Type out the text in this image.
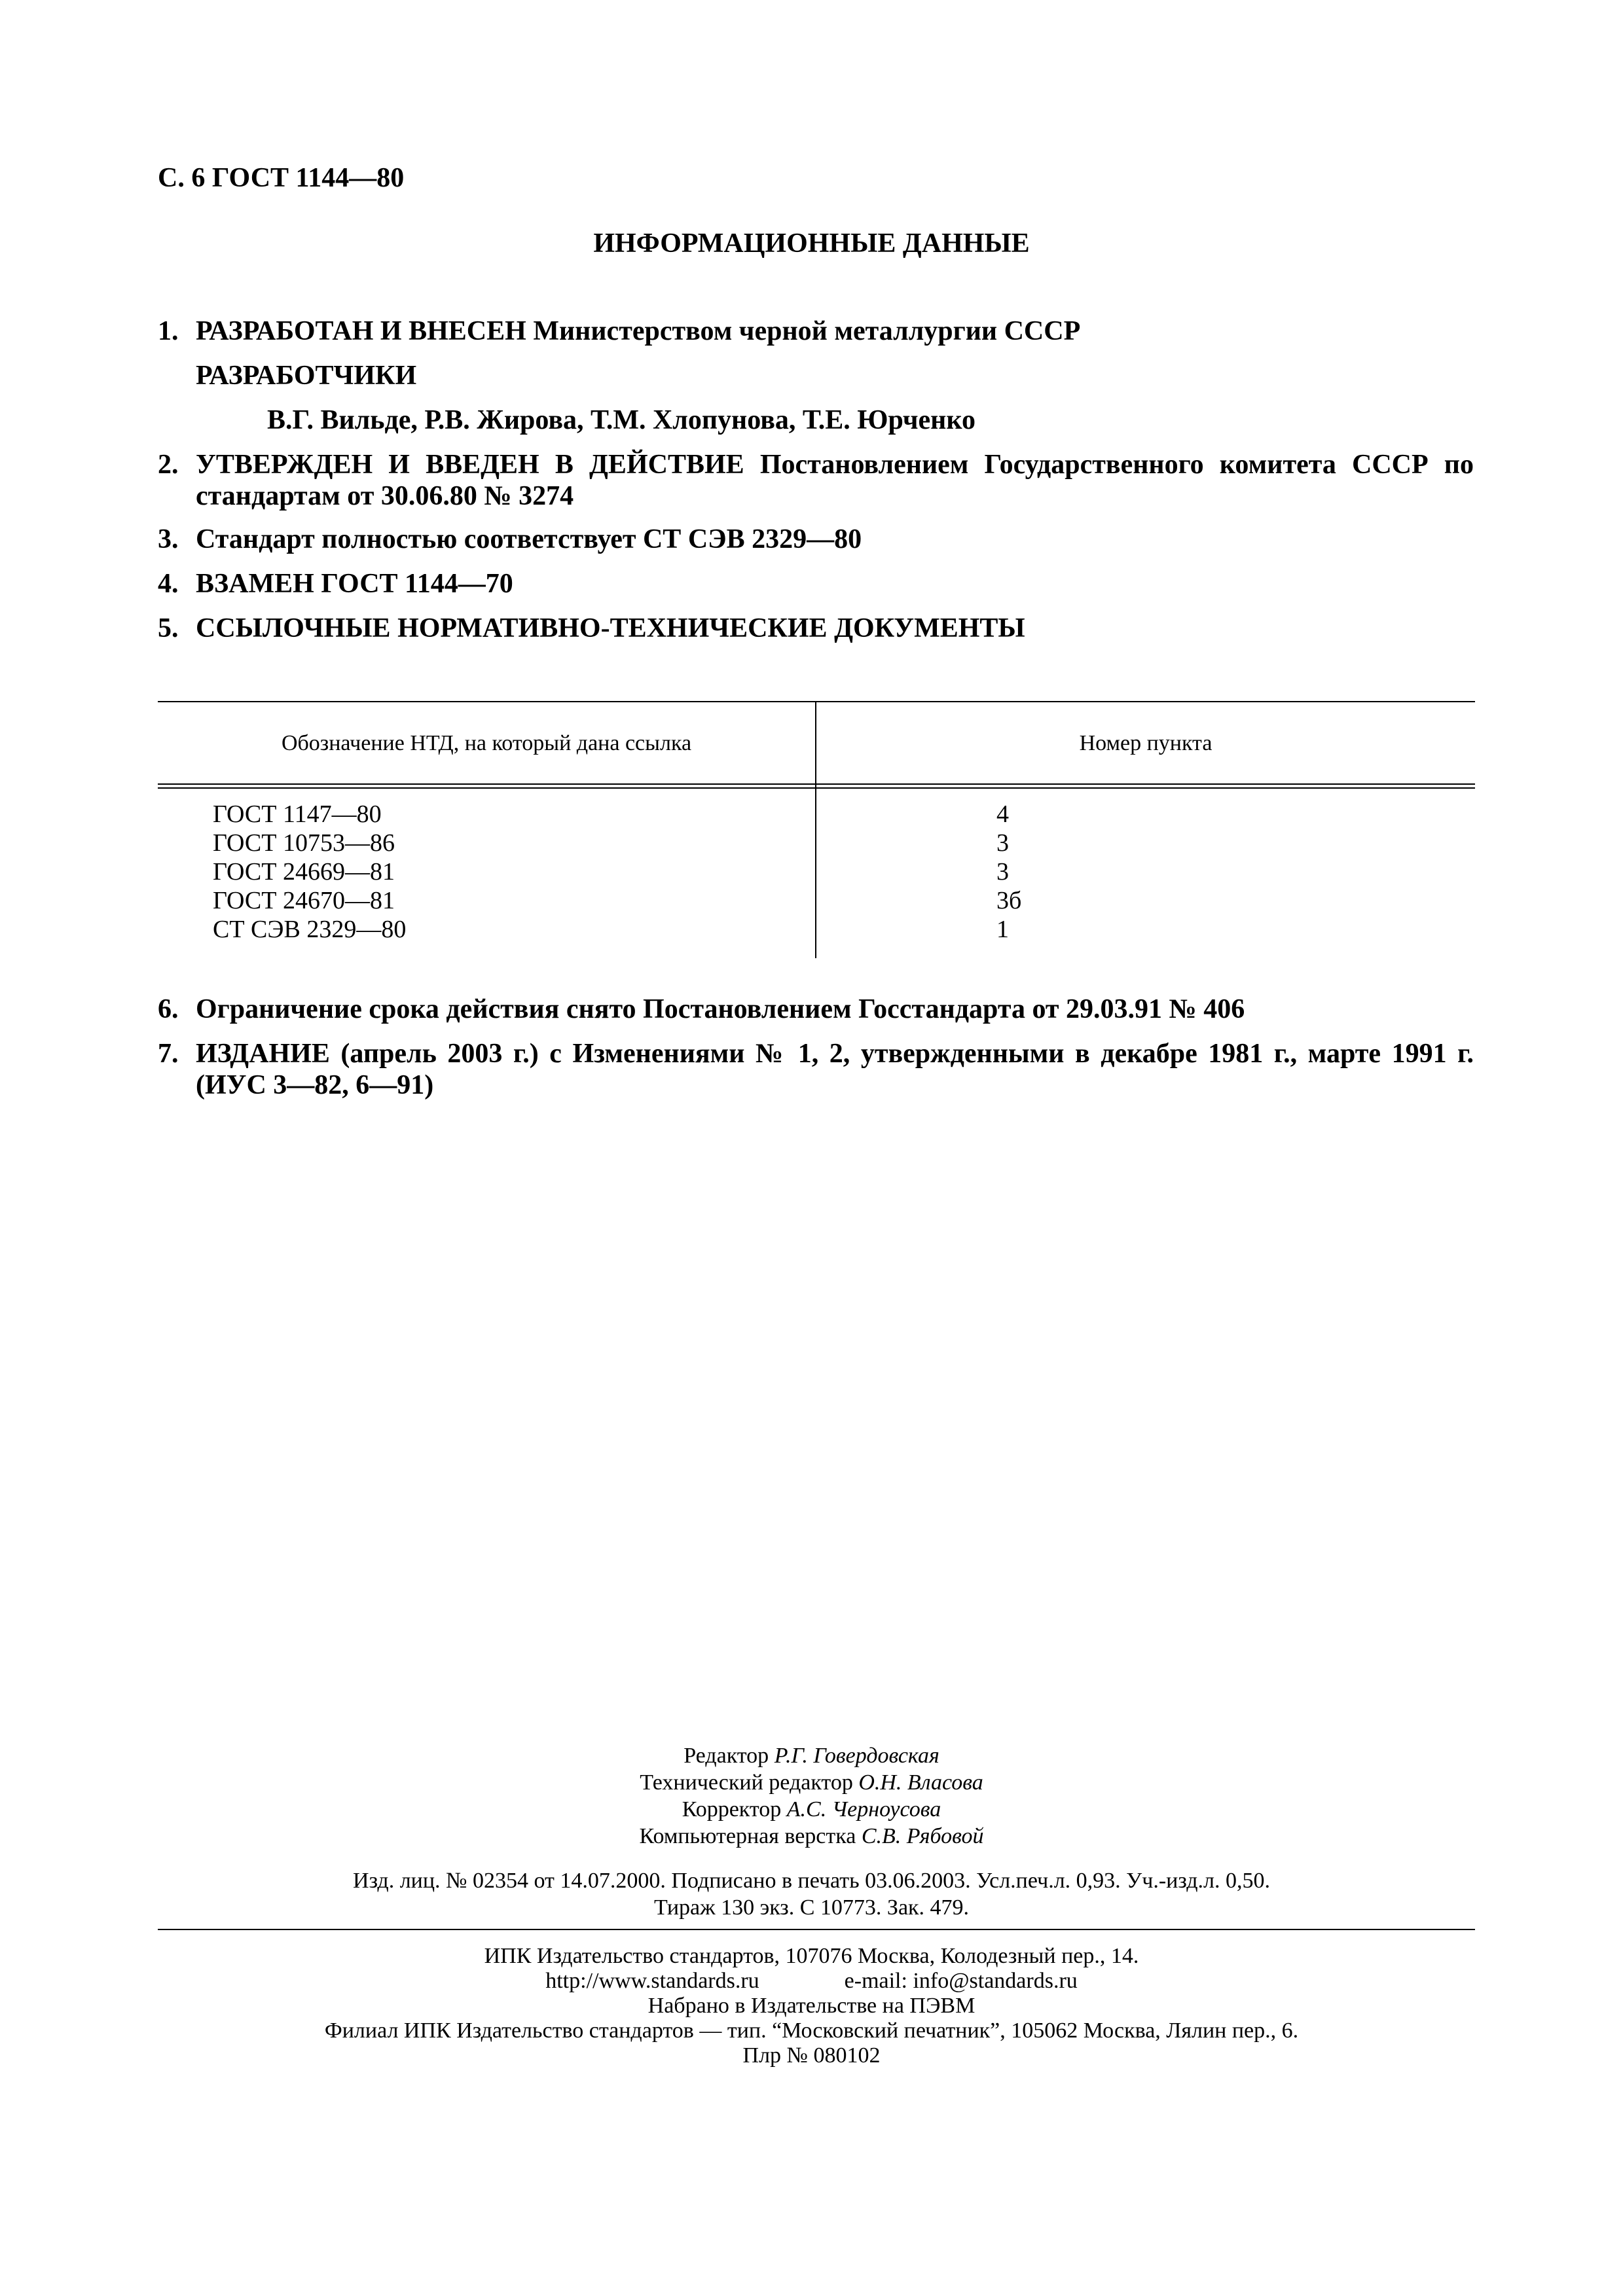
С. 6 ГОСТ 1144—80
ИНФОРМАЦИОННЫЕ ДАННЫЕ
1. РАЗРАБОТАН И ВНЕСЕН Министерством черной металлургии СССР
РАЗРАБОТЧИКИ
В.Г. Вильде, Р.В. Жирова, Т.М. Хлопунова, Т.Е. Юрченко
2. УТВЕРЖДЕН И ВВЕДЕН В ДЕЙСТВИЕ Постановлением Государственного комитета СССР по стандартам от 30.06.80 № 3274
3. Стандарт полностью соответствует СТ СЭВ 2329—80
4. ВЗАМЕН ГОСТ 1144—70
5. ССЫЛОЧНЫЕ НОРМАТИВНО-ТЕХНИЧЕСКИЕ ДОКУМЕНТЫ
Обозначение НТД, на который дана ссылка	Номер пункта
ГОСТ 1147—80
ГОСТ 10753—86
ГОСТ 24669—81
ГОСТ 24670—81
СТ СЭВ 2329—80
4
3
3
3б
1
6. Ограничение срока действия снято Постановлением Госстандарта от 29.03.91 № 406
7. ИЗДАНИЕ (апрель 2003 г.) с Изменениями № 1, 2, утвержденными в декабре 1981 г., марте 1991 г. (ИУС 3—82, 6—91)
Редактор Р.Г. Говердовская
Технический редактор О.Н. Власова
Корректор А.С. Черноусова
Компьютерная верстка С.В. Рябовой
Изд. лиц. № 02354 от 14.07.2000. Подписано в печать 03.06.2003. Усл.печ.л. 0,93. Уч.-изд.л. 0,50.
Тираж 130 экз. С 10773. Зак. 479.
ИПК Издательство стандартов, 107076 Москва, Колодезный пер., 14.
http://www.standards.ru	e-mail: info@standards.ru
Набрано в Издательстве на ПЭВМ
Филиал ИПК Издательство стандартов — тип. “Московский печатник”, 105062 Москва, Лялин пер., 6.
Плр № 080102
